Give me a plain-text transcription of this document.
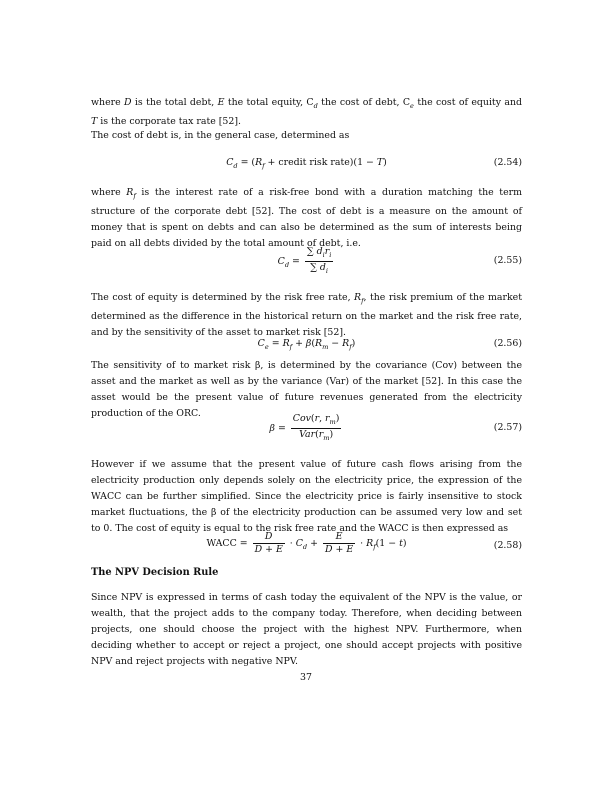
where D is the total debt, E the total equity, $C_d$ the cost of debt, $C_e$ the cost of equity and T is the corporate tax rate [52].

The cost of debt is, in the general case, determined as

$C_d = (R_f$ + credit risk rate)(1 − T)	(2.54)

where $R_f$ is the interest rate of a risk-free bond with a duration matching the term structure of the corporate debt [52]. The cost of debt is a measure on the amount of money that is spent on debts and can also be determined as the sum of interests being paid on all debts divided by the total amount of debt, i.e.

$C_d = \frac{\sum d_ir_i}{\sum d_i}$	(2.55)

The cost of equity is determined by the risk free rate, $R_f$, the risk premium of the market determined as the difference in the historical return on the market and the risk free rate, and by the sensitivity of the asset to market risk [52].

$C_e = R_f + \beta(R_m - R_f)$	(2.56)

The sensitivity of to market risk β, is determined by the covariance (Cov) between the asset and the market as well as by the variance (Var) of the market [52]. In this case the asset would be the present value of future revenues generated from the electricity production of the ORC.

$\beta = \frac{Cov(r, r_m)}{Var(r_m)}$	(2.57)

However if we assume that the present value of future cash flows arising from the electricity production only depends solely on the electricity price, the expression of the WACC can be further simplified. Since the electricity price is fairly insensitive to stock market fluctuations, the β of the electricity production can be assumed very low and set to 0. The cost of equity is equal to the risk free rate and the WACC is then expressed as

WACC = $\frac{D}{D + E} \cdot C_d + \frac{E}{D + E} \cdot R_f(1 - t)$	(2.58)
The NPV Decision Rule

Since NPV is expressed in terms of cash today the equivalent of the NPV is the value, or wealth, that the project adds to the company today. Therefore, when deciding between projects, one should choose the project with the highest NPV. Furthermore, when deciding whether to accept or reject a project, one should accept projects with positive NPV and reject projects with negative NPV.

37
